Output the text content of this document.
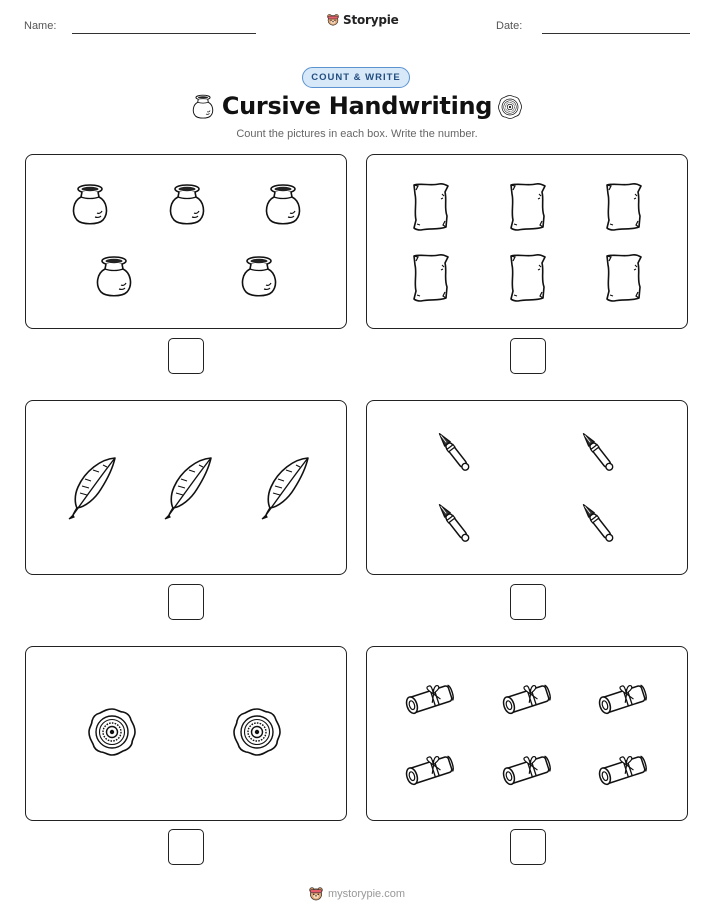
Name:	Storypie	Date:
COUNT & WRITE
Cursive Handwriting
Count the pictures in each box. Write the number.
mystorypie.com
